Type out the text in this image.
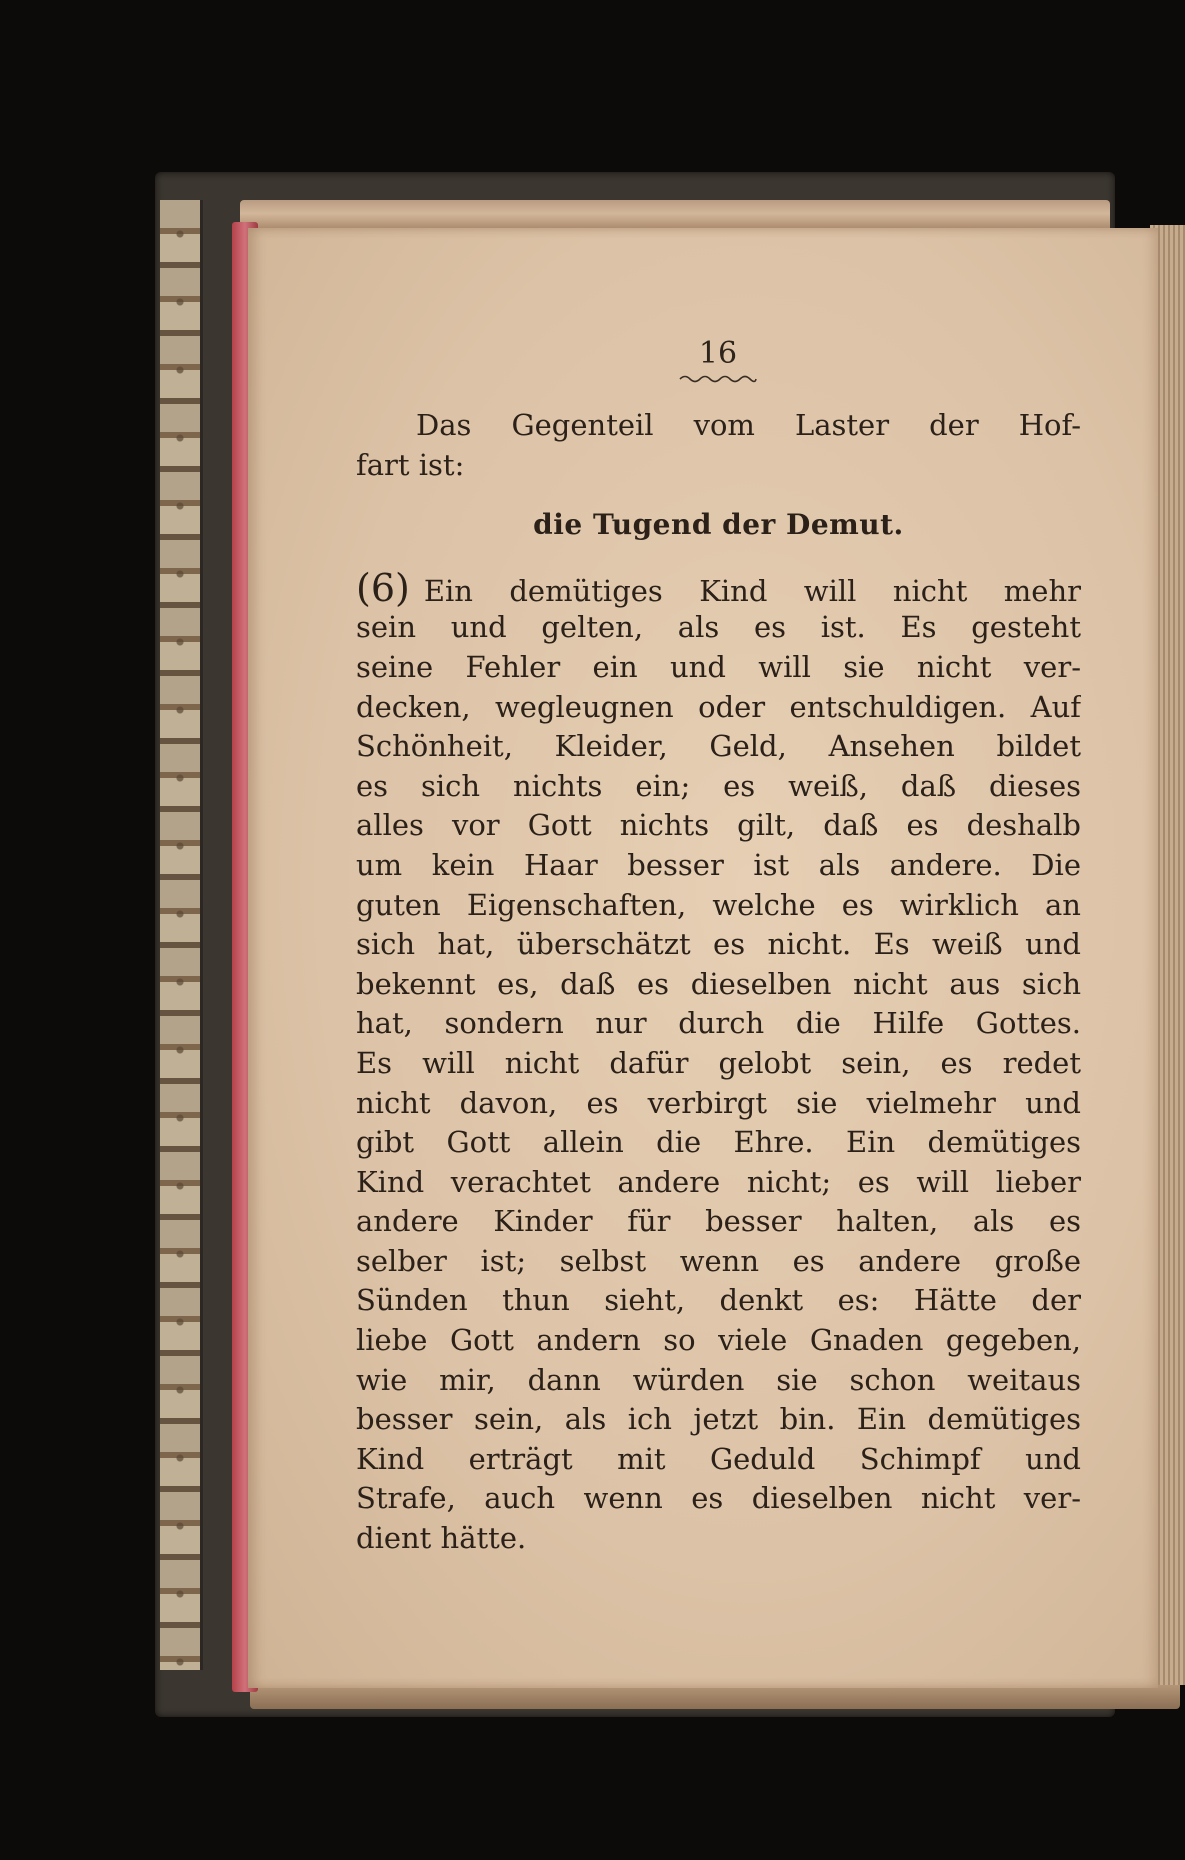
16
Das Gegenteil vom Laster der Hof-
fart ist:
die Tugend der Demut.
(6) Ein demütiges Kind will nicht mehr
sein und gelten, als es ist. Es gesteht
seine Fehler ein und will sie nicht ver-
decken, wegleugnen oder entschuldigen. Auf
Schönheit, Kleider, Geld, Ansehen bildet
es sich nichts ein; es weiß, daß dieses
alles vor Gott nichts gilt, daß es deshalb
um kein Haar besser ist als andere. Die
guten Eigenschaften, welche es wirklich an
sich hat, überschätzt es nicht. Es weiß und
bekennt es, daß es dieselben nicht aus sich
hat, sondern nur durch die Hilfe Gottes.
Es will nicht dafür gelobt sein, es redet
nicht davon, es verbirgt sie vielmehr und
gibt Gott allein die Ehre. Ein demütiges
Kind verachtet andere nicht; es will lieber
andere Kinder für besser halten, als es
selber ist; selbst wenn es andere große
Sünden thun sieht, denkt es: Hätte der
liebe Gott andern so viele Gnaden gegeben,
wie mir, dann würden sie schon weitaus
besser sein, als ich jetzt bin. Ein demütiges
Kind erträgt mit Geduld Schimpf und
Strafe, auch wenn es dieselben nicht ver-
dient hätte.
